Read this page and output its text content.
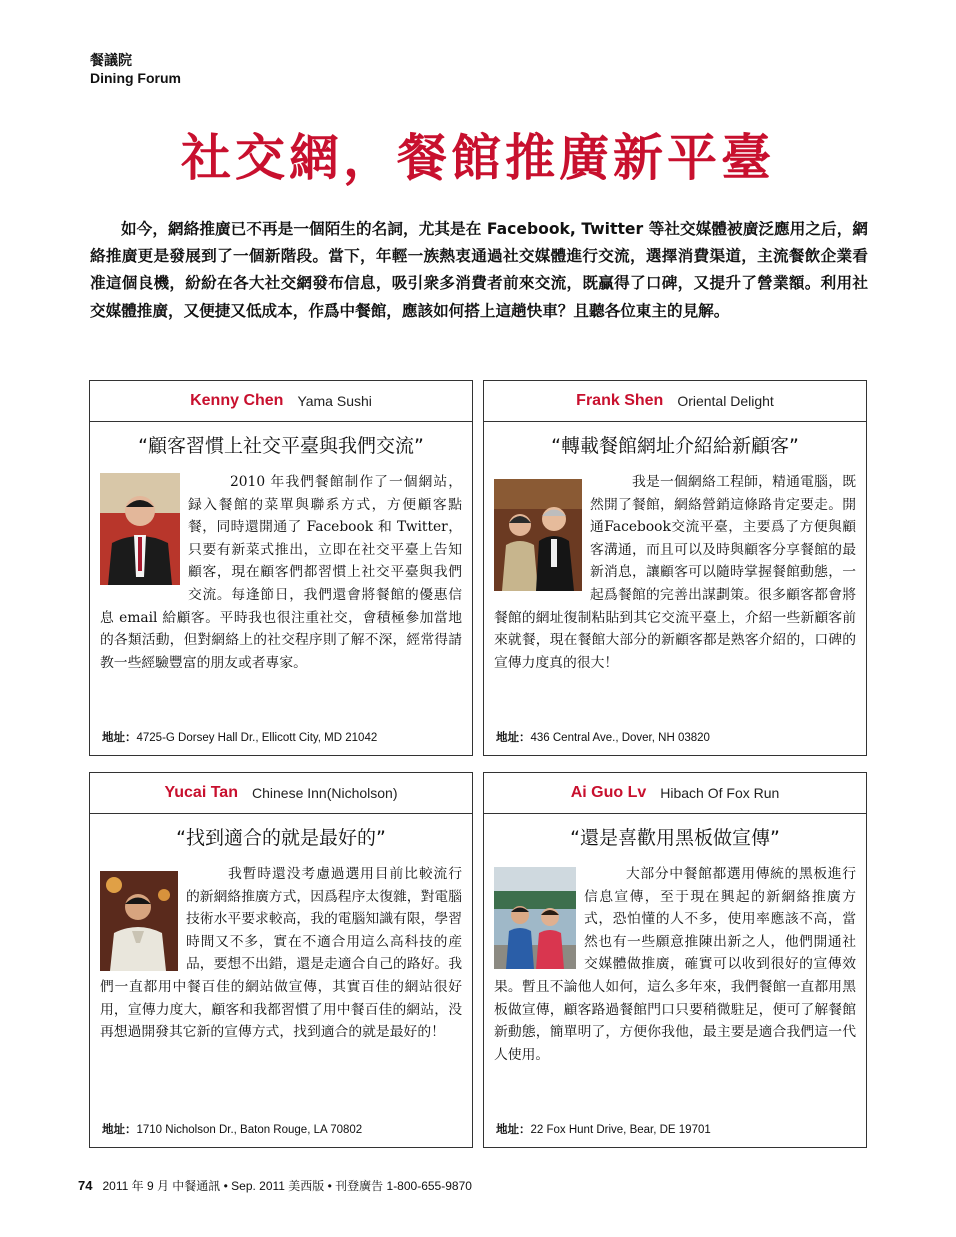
餐議院
Dining Forum
社交網，餐館推廣新平臺
如今，網絡推廣已不再是一個陌生的名詞，尤其是在 Facebook, Twitter 等社交媒體被廣泛應用之后，網絡推廣更是發展到了一個新階段。當下，年輕一族熱衷通過社交媒體進行交流，選擇消費渠道，主流餐飲企業看准這個良機，紛紛在各大社交網發布信息，吸引衆多消費者前來交流，既贏得了口碑，又提升了營業額。利用社交媒體推廣，又便捷又低成本，作爲中餐館，應該如何搭上這趟快車？且聽各位東主的見解。
Kenny Chen Yama Sushi
“顧客習慣上社交平臺與我們交流”

2010 年我們餐館制作了一個網站，録入餐館的菜單與聯系方式，方便顧客點餐，同時還開通了 Facebook 和 Twitter，只要有新菜式推出，立即在社交平臺上告知顧客，現在顧客們都習慣上社交平臺與我們交流。每逢節日，我們還會將餐館的優惠信息 email 給顧客。平時我也很注重社交，會積極參加當地的各類活動，但對網絡上的社交程序則了解不深，經常得請教一些經驗豐富的朋友或者專家。

地址：4725-G Dorsey Hall Dr., Ellicott City, MD 21042
Frank Shen Oriental Delight
“轉載餐館網址介紹給新顧客”

我是一個網絡工程師，精通電腦，既然開了餐館，網絡營銷這條路肯定要走。開通Facebook交流平臺，主要爲了方便與顧客溝通，而且可以及時與顧客分享餐館的最新消息，讓顧客可以隨時掌握餐館動態，一起爲餐館的完善出謀劃策。很多顧客都會將餐館的網址復制粘貼到其它交流平臺上，介紹一些新顧客前來就餐，現在餐館大部分的新顧客都是熟客介紹的，口碑的宣傳力度真的很大！

地址：436 Central Ave., Dover, NH 03820
Yucai Tan Chinese Inn(Nicholson)
“找到適合的就是最好的”

我暫時還没考慮過選用目前比較流行的新網絡推廣方式，因爲程序太復雜，對電腦技術水平要求較高，我的電腦知識有限，學習時間又不多，實在不適合用這么高科技的産品，要想不出錯，還是走適合自己的路好。我們一直都用中餐百佳的網站做宣傳，其實百佳的網站很好用，宣傳力度大，顧客和我都習慣了用中餐百佳的網站，没再想過開發其它新的宣傳方式，找到適合的就是最好的！

地址：1710 Nicholson Dr., Baton Rouge, LA 70802
Ai Guo Lv Hibach Of Fox Run
“還是喜歡用黑板做宣傳”

大部分中餐館都選用傳統的黑板進行信息宣傳，至于現在興起的新網絡推廣方式，恐怕懂的人不多，使用率應該不高，當然也有一些願意推陳出新之人，他們開通社交媒體做推廣，確實可以收到很好的宣傳效果。暫且不論他人如何，這么多年來，我們餐館一直都用黑板做宣傳，顧客路過餐館門口只要稍微駐足，便可了解餐館新動態，簡單明了，方便你我他，最主要是適合我們這一代人使用。

地址：22 Fox Hunt Drive, Bear, DE 19701
74 2011 年 9 月 中餐通訊 • Sep. 2011 美西版 • 刊登廣告 1-800-655-9870
